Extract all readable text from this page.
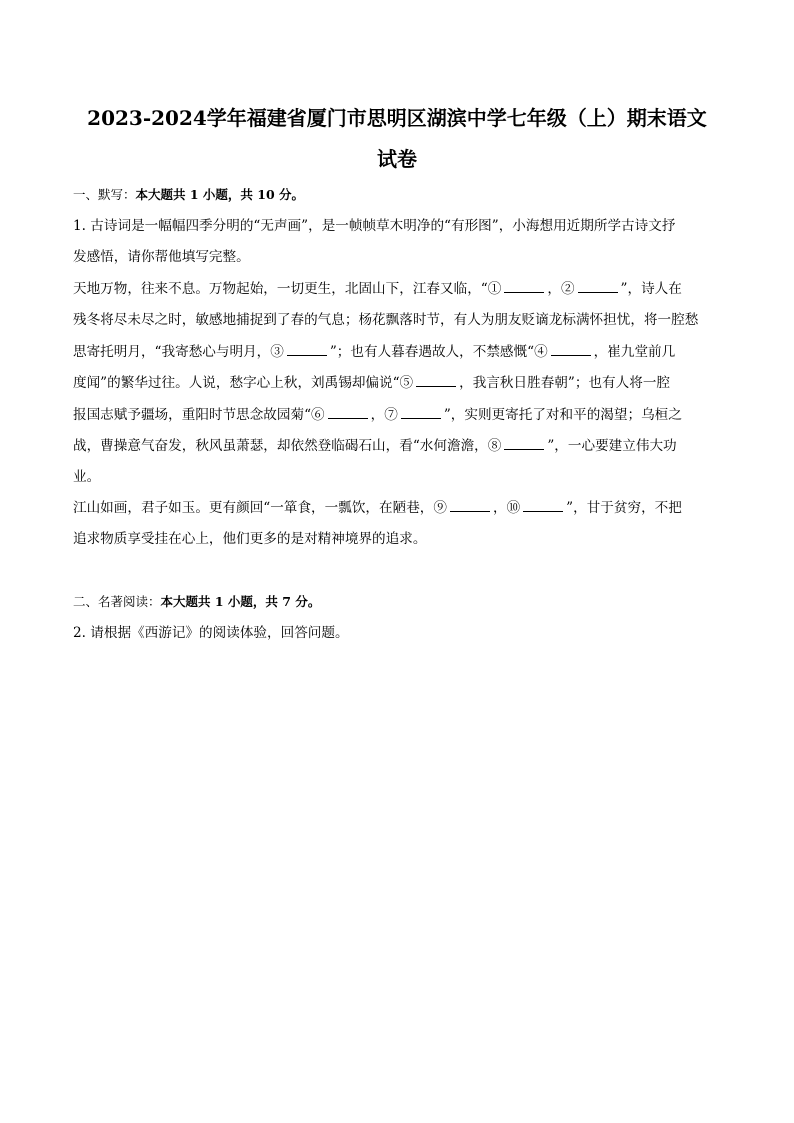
2023-2024学年福建省厦门市思明区湖滨中学七年级（上）期末语文
试卷
一、默写：本大题共 1 小题，共 10 分。
1. 古诗词是一幅幅四季分明的“无声画”，是一帧帧草木明净的“有形图”，小海想用近期所学古诗文抒
发感悟，请你帮他填写完整。
天地万物，往来不息。万物起始，一切更生，北固山下，江春又临，“①	，②	”，诗人在
残冬将尽未尽之时，敏感地捕捉到了春的气息；杨花飘落时节，有人为朋友贬谪龙标满怀担忧，将一腔愁
思寄托明月，“我寄愁心与明月，③	”；也有人暮春遇故人，不禁感慨“④	，崔九堂前几
度闻”的繁华过往。人说，愁字心上秋，刘禹锡却偏说“⑤	，我言秋日胜春朝”；也有人将一腔
报国志赋予疆场，重阳时节思念故园菊“⑥	，⑦	”，实则更寄托了对和平的渴望；乌桓之
战，曹操意气奋发，秋风虽萧瑟，却依然登临碣石山，看“水何澹澹，⑧	”，一心要建立伟大功
业。
江山如画，君子如玉。更有颜回“一箪食，一瓢饮，在陋巷，⑨	，⑩	”，甘于贫穷，不把
追求物质享受挂在心上，他们更多的是对精神境界的追求。
二、名著阅读：本大题共 1 小题，共 7 分。
2. 请根据《西游记》的阅读体验，回答问题。
